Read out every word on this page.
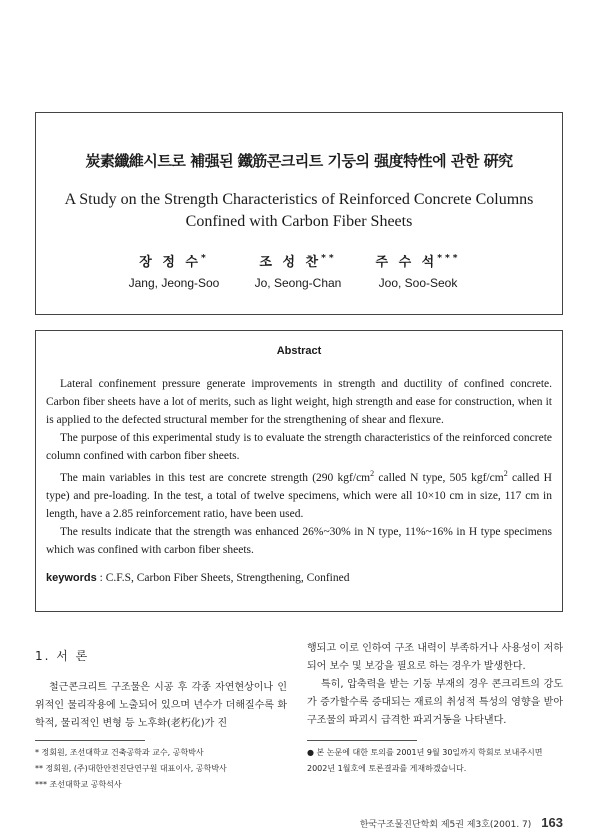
炭素纖維시트로 補强된 鐵筋콘크리트 기둥의 强度特性에 관한 硏究
A Study on the Strength Characteristics of Reinforced Concrete Columns
Confined with Carbon Fiber Sheets
장 정 수*
Jang, Jeong-Soo
조 성 찬**
Jo, Seong-Chan
주 수 석***
Joo, Soo-Seok
Abstract

Lateral confinement pressure generate improvements in strength and ductility of confined concrete. Carbon fiber sheets have a lot of merits, such as light weight, high strength and ease for construction, when it is applied to the defected structural member for the strengthening of shear and flexure.

The purpose of this experimental study is to evaluate the strength characteristics of the reinforced concrete column confined with carbon fiber sheets.

The main variables in this test are concrete strength (290 kgf/$cm^2$ called N type, 505 kgf/$cm^2$ called H type) and pre-loading. In the test, a total of twelve specimens, which were all 10×10 cm in size, 117 cm in length, have a 2.85 reinforcement ratio, have been used.

The results indicate that the strength was enhanced 26%~30% in N type, 11%~16% in H type specimens which was confined with carbon fiber sheets.

keywords : C.F.S, Carbon Fiber Sheets, Strengthening, Confined
1. 서 론

철근콘크리트 구조물은 시공 후 각종 자연현상이나 인위적인 물리작용에 노출되어 있으며 년수가 더해질수록 화학적, 물리적인 변형 등 노후화(老朽化)가 진

행되고 이로 인하여 구조 내력이 부족하거나 사용성이 저하되어 보수 및 보강을 필요로 하는 경우가 발생한다.

특히, 압축력을 받는 기둥 부재의 경우 콘크리트의 강도가 증가할수록 증대되는 재료의 취성적 특성의 영향을 받아 구조물의 파괴시 급격한 파괴거동을 나타낸다.

* 정회원, 조선대학교 건축공학과 교수, 공학박사
** 정회원, (주)대한안전진단연구원 대표이사, 공학박사
*** 조선대학교 공학석사
● 본 논문에 대한 토의를 2001년 9월 30일까지 학회로 보내주시면 2002년 1월호에 토론결과를 게재하겠습니다.
한국구조물진단학회 제5권 제3호(2001. 7) 163
